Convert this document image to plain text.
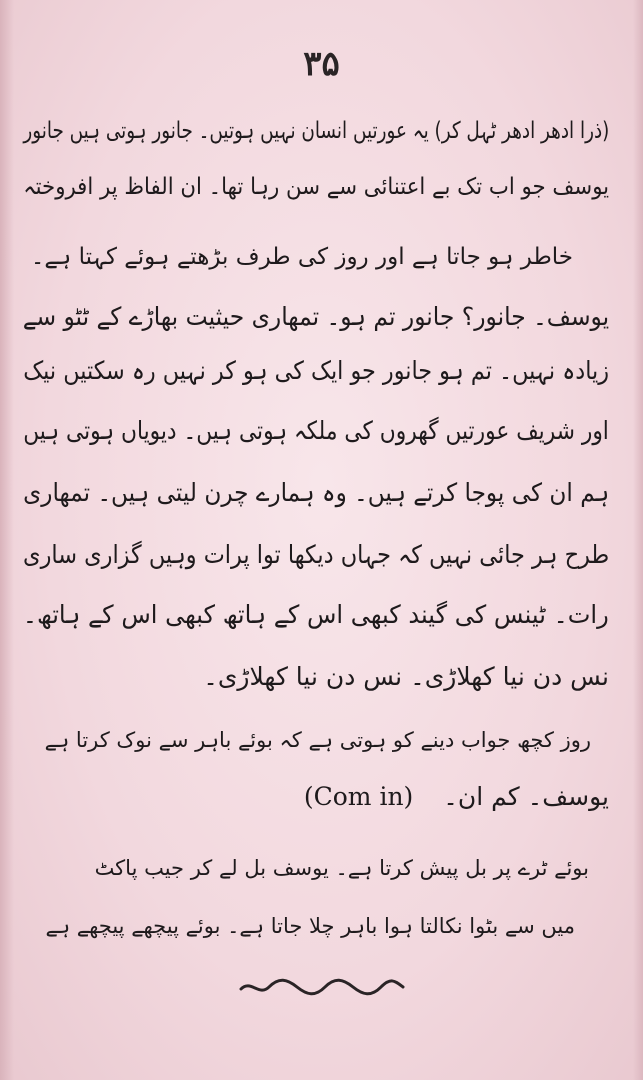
۳۵
(ذرا ادھر ادھر ٹہل کر) یہ عورتیں انسان نہیں ہوتیں۔ جانور ہوتی ہیں جانور
یوسف جو اب تک بے اعتنائی سے سن رہا تھا۔ ان الفاظ پر افروختہ
خاطر ہو جاتا ہے اور روز کی طرف بڑھتے ہوئے کہتا ہے۔
یوسف۔ جانور؟ جانور تم ہو۔ تمھاری حیثیت بھاڑے کے ٹٹو سے
زیادہ نہیں۔ تم ہو جانور جو ایک کی ہو کر نہیں رہ سکتیں نیک
اور شریف عورتیں گھروں کی ملکہ ہوتی ہیں۔ دیویاں ہوتی ہیں
ہم ان کی پوجا کرتے ہیں۔ وہ ہمارے چرن لیتی ہیں۔ تمھاری
طرح ہر جائی نہیں کہ جہاں دیکھا توا پرات وہیں گزاری ساری
رات۔ ٹینس کی گیند کبھی اس کے ہاتھ کبھی اس کے ہاتھ۔
نس دن نیا کھلاڑی۔ نس دن نیا کھلاڑی۔
روز کچھ جواب دینے کو ہوتی ہے کہ بوئے باہر سے نوک کرتا ہے
یوسف۔ کم ان۔ (Com in)
بوئے ٹرے پر بل پیش کرتا ہے۔ یوسف بل لے کر جیب پاکٹ
میں سے بٹوا نکالتا ہوا باہر چلا جاتا ہے۔ بوئے پیچھے پیچھے ہے
